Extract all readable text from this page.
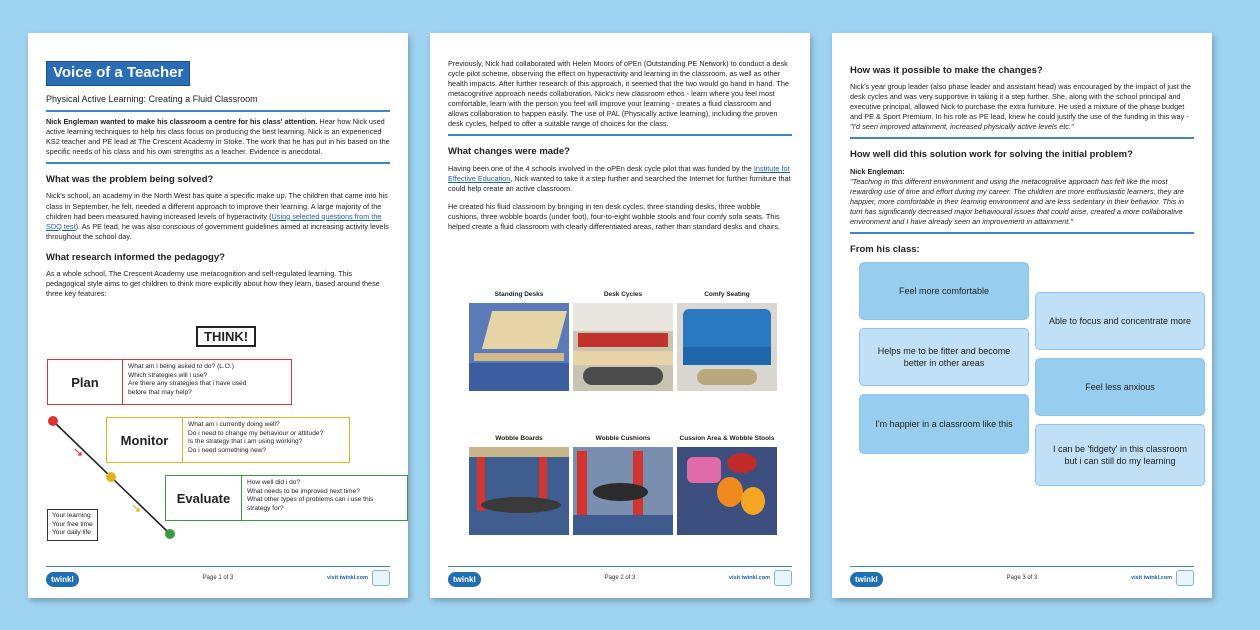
Voice of a Teacher
Physical Active Learning: Creating a Fluid Classroom

Nick Engleman wanted to make his classroom a centre for his class' attention. Hear how Nick used active learning techniques to help his class focus on producing the best learning. Nick is an experienced KS2 teacher and PE lead at The Crescent Academy in Stoke. The work that he has put in his based on the specific needs of his class and his own strengths as a teacher. Evidence is anecdotal.

What was the problem being solved?

Nick's school, an academy in the North West has quite a specific make up. The children that came into his class in September, he felt, needed a different approach to improve their learning. A large majority of the children had been measured having increased levels of hyperactivity (Using selected questions from the SDQ test). As PE lead, he was also conscious of government guidelines aimed at increasing activity levels throughout the school day.

What research informed the pedagogy?

As a whole school, The Crescent Academy use metacognition and self-regulated learning. This pedagogical style aims to get children to think more explicitly about how they learn, based around these three key features:

THINK!
Plan
What am i being asked to do? (L.O.)
Which strategies will i use?
Are there any strategies that i have used
before that may help?
Monitor
What am i currently doing well?
Do i need to change my behaviour or attitude?
Is the strategy that i am using working?
Do i need something new?
Evaluate
How well did i do?
What needs to be improved next time?
What other types of problems can i use this
strategy for?
Your learning
Your free time
Your daily life
twinkl	Page 1 of 3	visit twinkl.com

Previously, Nick had collaborated with Helen Moors of oPEn (Outstanding PE Network) to conduct a desk cycle pilot scheme, observing the effect on hyperactivity and learning in the classroom, as well as other health impacts. After further research of this approach, it seemed that the two would go hand in hand. The metacognitive approach needs collaboration. Nick's new classroom ethos - learn where you feel most comfortable, learn with the person you feel will improve your learning - creates a fluid classroom and allows collaboration to happen easily. The use of PAL (Physically active learning), including the proven desk cycles, helped to offer a suitable range of choices for the class.

What changes were made?

Having been one of the 4 schools involved in the oPEn desk cycle pilot that was funded by the Institute for Effective Education, Nick wanted to take it a step further and searched the Internet for further furniture that could help create an active classroom.

He created his fluid classroom by bringing in ten desk cycles, three standing desks, three wobble cushions, three wobble boards (under foot), four-to-eight wobble stools and four comfy sofa seats. This helped create a fluid classroom with clearly differentiated areas, rather than standard desks and chairs.

Standing Desks	Desk Cycles	Comfy Seating
Wobble Boards	Wobble Cushions	Cussion Area & Wobble Stools
twinkl	Page 2 of 3	visit twinkl.com
How was it possible to make the changes?

Nick's year group leader (also phase leader and assistant head) was encouraged by the impact of just the desk cycles and was very supportive in taking it a step further. She, along with the school principal and executive principal, allowed Nick to purchase the extra furniture. He used a mixture of the phase budget and PE & Sport Premium. In his role as PE lead, knew he could justify the use of the funding in this way - "I'd seen improved attainment, increased physically active levels etc."

How well did this solution work for solving the initial problem?

Nick Engleman:

"Teaching in this different environment and using the metacognitive approach has felt like the most rewarding use of time and effort during my career. The children are more enthusiastic learners, they are happier, more comfortable in their learning environment and are less sedentary in their behavior. This in turn has significantly decreased major behavioural issues that could arise, created a more collaborative environment and I have already seen an improvement in attainment."

From his class:
Feel more comfortable
Helps me to be fitter and become better in other areas
I'm happier in a classroom like this
Able to focus and concentrate more
Feel less anxious
I can be 'fidgety' in this classroom but i can still do my learning
twinkl	Page 3 of 3	visit twinkl.com
